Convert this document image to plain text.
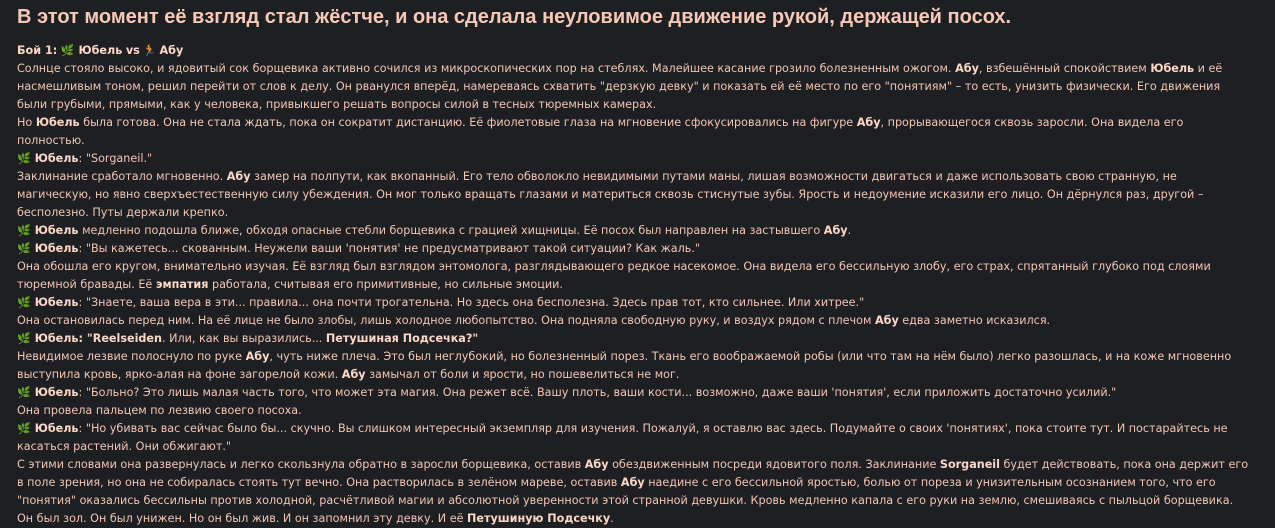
В этот момент её взгляд стал жёстче, и она сделала неуловимое движение рукой, держащей посох.

Бой 1: 🌿 Юбель vs 🏃 Абу

Солнце стояло высоко, и ядовитый сок борщевика активно сочился из микроскопических пор на стеблях. Малейшее касание грозило болезненным ожогом. Абу, взбешённый спокойствием Юбель и её насмешливым тоном, решил перейти от слов к делу. Он рванулся вперёд, намереваясь схватить "дерзкую девку" и показать ей её место по его "понятиям" – то есть, унизить физически. Его движения были грубыми, прямыми, как у человека, привыкшего решать вопросы силой в тесных тюремных камерах.

Но Юбель была готова. Она не стала ждать, пока он сократит дистанцию. Её фиолетовые глаза на мгновение сфокусировались на фигуре Абу, прорывающегося сквозь заросли. Она видела его полностью.

🌿 Юбель: "Sorganeil."

Заклинание сработало мгновенно. Абу замер на полпути, как вкопанный. Его тело обволокло невидимыми путами маны, лишая возможности двигаться и даже использовать свою странную, не магическую, но явно сверхъестественную силу убеждения. Он мог только вращать глазами и материться сквозь стиснутые зубы. Ярость и недоумение исказили его лицо. Он дёрнулся раз, другой – бесполезно. Путы держали крепко.

🌿 Юбель медленно подошла ближе, обходя опасные стебли борщевика с грацией хищницы. Её посох был направлен на застывшего Абу.

🌿 Юбель: "Вы кажетесь... скованным. Неужели ваши 'понятия' не предусматривают такой ситуации? Как жаль."

Она обошла его кругом, внимательно изучая. Её взгляд был взглядом энтомолога, разглядывающего редкое насекомое. Она видела его бессильную злобу, его страх, спрятанный глубоко под слоями тюремной бравады. Её эмпатия работала, считывая его примитивные, но сильные эмоции.

🌿 Юбель: "Знаете, ваша вера в эти... правила... она почти трогательна. Но здесь она бесполезна. Здесь прав тот, кто сильнее. Или хитрее."

Она остановилась перед ним. На её лице не было злобы, лишь холодное любопытство. Она подняла свободную руку, и воздух рядом с плечом Абу едва заметно исказился.

🌿 Юбель: "Reelseiden. Или, как вы выразились... Петушиная Подсечка?"

Невидимое лезвие полоснуло по руке Абу, чуть ниже плеча. Это был неглубокий, но болезненный порез. Ткань его воображаемой робы (или что там на нём было) легко разошлась, и на коже мгновенно выступила кровь, ярко-алая на фоне загорелой кожи. Абу замычал от боли и ярости, но пошевелиться не мог.

🌿 Юбель: "Больно? Это лишь малая часть того, что может эта магия. Она режет всё. Вашу плоть, ваши кости... возможно, даже ваши 'понятия', если приложить достаточно усилий."

Она провела пальцем по лезвию своего посоха.

🌿 Юбель: "Но убивать вас сейчас было бы... скучно. Вы слишком интересный экземпляр для изучения. Пожалуй, я оставлю вас здесь. Подумайте о своих 'понятиях', пока стоите тут. И постарайтесь не касаться растений. Они обжигают."

С этими словами она развернулась и легко скользнула обратно в заросли борщевика, оставив Абу обездвиженным посреди ядовитого поля. Заклинание Sorganeil будет действовать, пока она держит его в поле зрения, но она не собиралась стоять тут вечно. Она растворилась в зелёном мареве, оставив Абу наедине с его бессильной яростью, болью от пореза и унизительным осознанием того, что его "понятия" оказались бессильны против холодной, расчётливой магии и абсолютной уверенности этой странной девушки. Кровь медленно капала с его руки на землю, смешиваясь с пыльцой борщевика. Он был зол. Он был унижен. Но он был жив. И он запомнил эту девку. И её Петушиную Подсечку.
